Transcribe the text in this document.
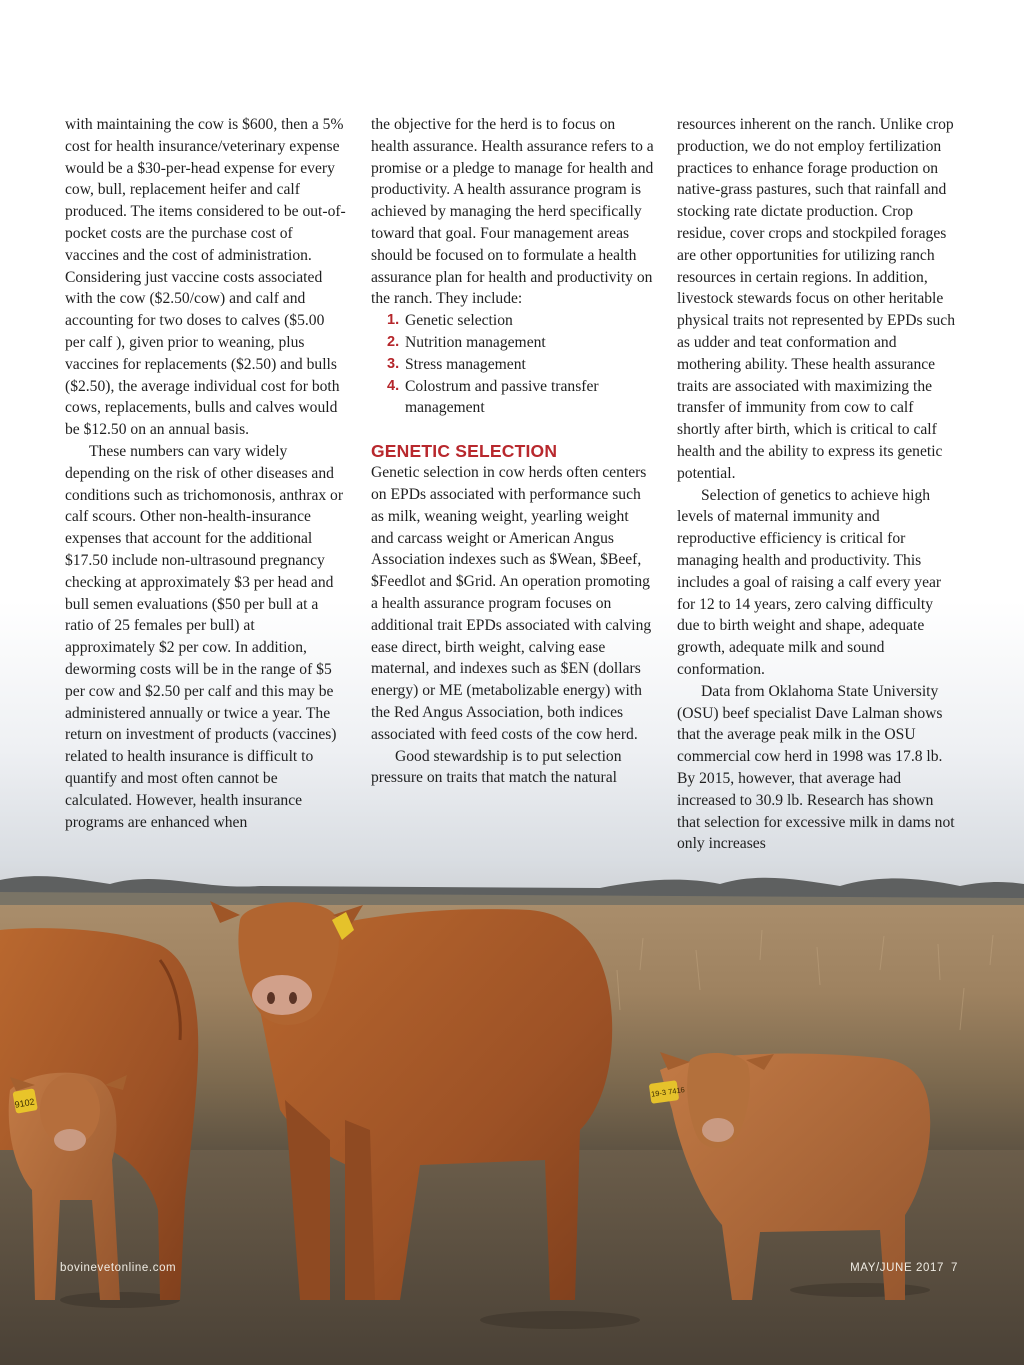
9102
19-3 7416

with maintaining the cow is $600, then a 5% cost for health insurance/veterinary expense would be a $30-per-head expense for every cow, bull, replacement heifer and calf produced. The items considered to be out-of-pocket costs are the purchase cost of vaccines and the cost of administration. Considering just vaccine costs associated with the cow ($2.50/cow) and calf and accounting for two doses to calves ($5.00 per calf ), given prior to weaning, plus vaccines for replacements ($2.50) and bulls ($2.50), the average individual cost for both cows, replacements, bulls and calves would be $12.50 on an annual basis.

These numbers can vary widely depending on the risk of other diseases and conditions such as trichomonosis, anthrax or calf scours. Other non-health-insurance expenses that account for the additional $17.50 include non-ultrasound pregnancy checking at approximately $3 per head and bull semen evaluations ($50 per bull at a ratio of 25 females per bull) at approximately $2 per cow. In addition, deworming costs will be in the range of $5 per cow and $2.50 per calf and this may be administered annually or twice a year. The return on investment of products (vaccines) related to health insurance is difficult to quantify and most often cannot be calculated. However, health insurance programs are enhanced when

the objective for the herd is to focus on health assurance. Health assurance refers to a promise or a pledge to manage for health and productivity. A health assurance program is achieved by managing the herd specifically toward that goal. Four management areas should be focused on to formulate a health assurance plan for health and productivity on the ranch. They include:

1. Genetic selection
2. Nutrition management
3. Stress management
4. Colostrum and passive transfer management
GENETIC SELECTION

Genetic selection in cow herds often centers on EPDs associated with performance such as milk, weaning weight, yearling weight and carcass weight or American Angus Association indexes such as $Wean, $Beef, $Feedlot and $Grid. An operation promoting a health assurance program focuses on additional trait EPDs associated with calving ease direct, birth weight, calving ease maternal, and indexes such as $EN (dollars energy) or ME (metabolizable energy) with the Red Angus Association, both indices associated with feed costs of the cow herd.

Good stewardship is to put selection pressure on traits that match the natural

resources inherent on the ranch. Unlike crop production, we do not employ fertilization practices to enhance forage production on native-grass pastures, such that rainfall and stocking rate dictate production. Crop residue, cover crops and stockpiled forages are other opportunities for utilizing ranch resources in certain regions. In addition, livestock stewards focus on other heritable physical traits not represented by EPDs such as udder and teat conformation and mothering ability. These health assurance traits are associated with maximizing the transfer of immunity from cow to calf shortly after birth, which is critical to calf health and the ability to express its genetic potential.

Selection of genetics to achieve high levels of maternal immunity and reproductive efficiency is critical for managing health and productivity. This includes a goal of raising a calf every year for 12 to 14 years, zero calving difficulty due to birth weight and shape, adequate growth, adequate milk and sound conformation.

Data from Oklahoma State University (OSU) beef specialist Dave Lalman shows that the average peak milk in the OSU commercial cow herd in 1998 was 17.8 lb. By 2015, however, that average had increased to 30.9 lb. Research has shown that selection for excessive milk in dams not only increases

bovinevetonline.com	MAY/JUNE 2017 7
